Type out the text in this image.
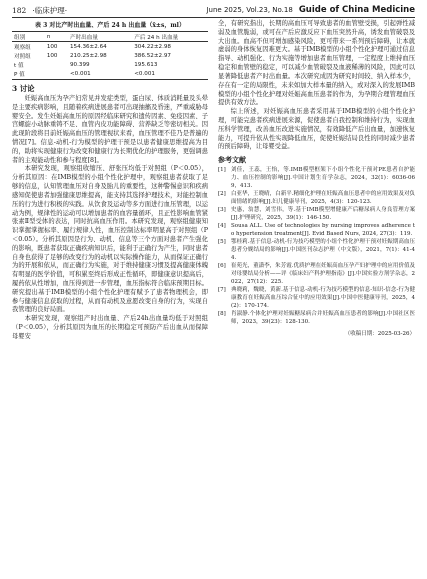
182 ·临床护理·	June 2025, Vol.23, No.18 Guide of China Medicine
表 3 对比产时出血量、产后 24 h 出血量（x̄±s，ml）
组别	n	产时出血量	产后 24 h 出血量
观察组	100	154.36±2.64	304.22±2.98
对照组	100	210.25±2.98	386.52±2.97
t 值		90.399	195.613
P 值		<0.001	<0.001
3 讨论

妊娠高血压为孕产妇常见并发症类型，蛋白尿、体质消耗量及头晕是主要疾病影响，且随着疾病进展患者可出现抽搐及昏迷，严重威胁母婴安全。发生妊娠高血压的原因经临床研究和遗传因素、免疫因素、子宫螺旋小动脉重铸不足、血管内皮功能障碍、营养缺乏等密切相关。因此现阶段将目前妊娠高血压的管理视状来看，血压管理不佳乃是普遍的情况[7]。信息-动机-行为模型的护理干预是以患者健康思维提高为目的，助将实现健康行为改变和健康行为长期优化的护理服务，更强调患者的主观能动性和参与程度[8]。

本研究发现，观察组收缩压、舒张压均低于对照组（P＜0.05），分析其原因：在IMB模型的小组个性化护理中，观察组患者获取了足够的信息，认知管理血压对自身及胎儿的重要性，这种警惕意识和疾病感知促使患者加强健康思维提高，能支持其选择护理技术，对能控制血压的行为进行积极的实践。从饮食及运动等多方面进行血压管理，以运动为例，规律性的运动可以增加患者的血容量循环，且正性影响血管紧张素Ⅱ型受体的表达，同时抗高血压作用。本研究发现，观察组健康知识掌握掌握标率、履行规律人性，血压控制达标率明显高于对照组（P＜0.05）。分析其原因是行为、动机、信息等三个方面对患者产生强化的影响，既患者获取正确疾病知识后，能利于正确行为产生，同时患者自身也获得了足够的改变行为的动机以实际操作能力，从而保证正确行为的开展和依从，而正确行为实施，对于维持健康习惯及提高健康体魄有明显的医学价值，可积累至终后形成正性循环，即健康意识提高后，履药依从性增加，血压得到进一步管理，血压指标符合临床预期目标。研究提出基于IMB模型的小组个性化护理有赋予了患者物理机会，即参与健康信息获取的过程，从而有动机及意愿改变自身的行为，实现自我管理的良好局面。

本研究发现，观察组产时出血量、产后24h出血量均低于对照组（P＜0.05），分析其原因为血压的长期稳定可预防产后出血从而保障母婴安

全，有研究指出，长期的高血压可导致患者的血管壁受损，引起弹性减弱及血管脆弱，或可在产后应激反应下血压突然升高，诱发血管破裂及大出血。血高不但可增加感染风险，更可带来一系列预后障碍，让本就虚弱的身体恢复因难更大。基于IMB模型的小组个性化护理可通过信息指导、动机强化、行为实施等增加患者血压管理，一定程度上维持血压稳定和血管壁的稳定，可以减少血管破裂及血液稀薄的风险，因此可以显著降低患者产时出血量。本次研究成因为研究时间较、纳入样本少，存在有一定的局限性，未来如加大样本量的纳入，或对深入的发展IMB模型的小组个性化护理对妊娠高血压患者的作为，为孕期合理管理血压提供有效方法。

综上所述，对妊娠高血压患者采用基于IMB模型的小组个性化护理，可能完患者疾病进展来源，促使患者自我控制和维持行为，实现血压科学管理，改善血压改进实施情况，有效降低产后出血量，加速恢复能力，可提升依从性实现降低血压，促使妊娠结局良性的同时减少患者的预后障碍，让母婴受益。

参考文献
[1] 刘佳，王蕊，王怡，等.IMB模型框架下小组个性化干预对PE患者自护能力、血压控制的影响[J].中国计划生育学杂志，2024，32(1)：6036-069，413.
[2] 白亚华，王晓晴，白新平.精细化护理在妊娠高血压患者中的应用效果及对负面情绪的影响[J].妇儿健康导刊，2025，4(3)：120-123.
[3] 史惠，翁慧，刘雪伟，等.基于IMB模型增健康产后糖尿病人身良管理方案[J].护理研究，2025，39(1)：146-150.
[4] Sousa ALL. Use of technologies by nursing improves adherence to hypertension treatment[J]. Evid Based Nurs, 2024, 27(3)：119.
[5] 鄂桂莉.基于信息-动机-行为技巧模型的小组个性化护理干预对妊娠期高血压患者分娩结局的影响[J].中国医刊杂志护理（中文版），2021，7(1)：41-44.
[6] 崔苑光，董潇李，朱芳霞.优质护理在妊娠高血压孕产妇护理中的应用价值及对母婴结局分析——评《临床妇产科护理指南》[J].中国实验方剂学杂志，2022，27(12)：225.
[7] 典晓莉，魏晓，黄新.基于信息-动机-行为技巧模型的信息-知识-信念-行为健康教育在妊娠高血压综合征中的应用效果[J].中国中医健康导刊，2025，4(2)：170-174.
[8] 肖淑静.个体化护理对妊娠糖尿病合并妊娠高血压患者的影响[J].中国社区医师，2023，39(23)：128-130.
（收稿日期：2025-03-26）
